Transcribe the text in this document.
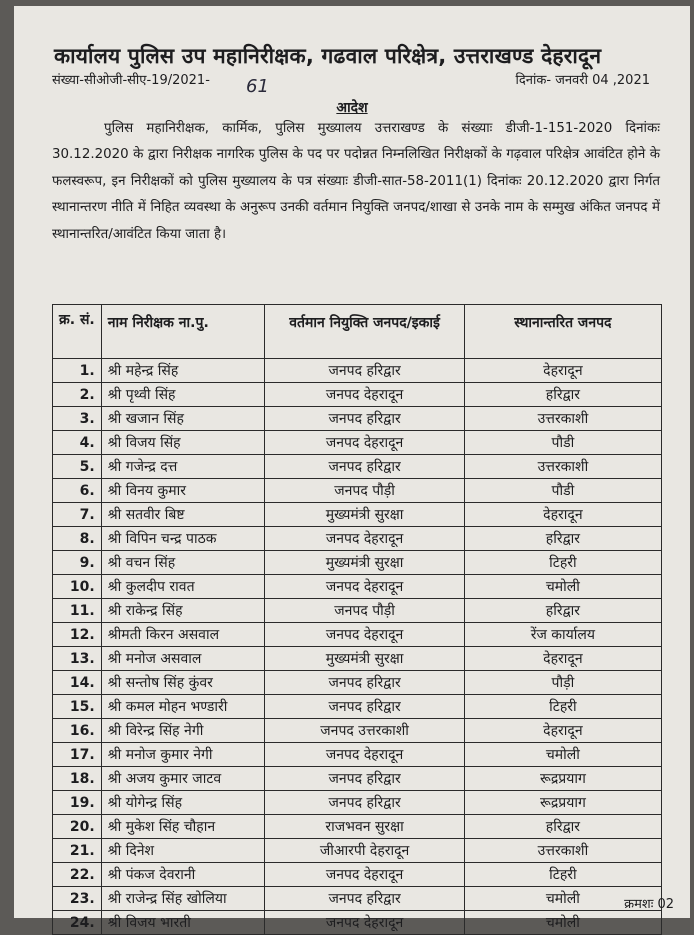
कार्यालय पुलिस उप महानिरीक्षक, गढवाल परिक्षेत्र, उत्तराखण्ड देहरादून
संख्या-सीओजी-सीए-19/2021- 61	दिनांक- जनवरी 04 ,2021
आदेश

पुलिस महानिरीक्षक, कार्मिक, पुलिस मुख्यालय उत्तराखण्ड के संख्याः डीजी-1-151-2020 दिनांकः 30.12.2020 के द्वारा निरीक्षक नागरिक पुलिस के पद पर पदोन्नत निम्नलिखित निरीक्षकों के गढ़वाल परिक्षेत्र आवंटित होने के फलस्वरूप, इन निरीक्षकों को पुलिस मुख्यालय के पत्र संख्याः डीजी-सात-58-2011(1) दिनांकः 20.12.2020 द्वारा निर्गत स्थानान्तरण नीति में निहित व्यवस्था के अनुरूप उनकी वर्तमान नियुक्ति जनपद/शाखा से उनके नाम के सम्मुख अंकित जनपद में स्थानान्तरित/आवंटित किया जाता है।

क्र. सं.	नाम निरीक्षक ना.पु.	वर्तमान नियुक्ति जनपद/इकाई	स्थानान्तरित जनपद
1.	श्री महेन्द्र सिंह	जनपद हरिद्वार	देहरादून
2.	श्री पृथ्वी सिंह	जनपद देहरादून	हरिद्वार
3.	श्री खजान सिंह	जनपद हरिद्वार	उत्तरकाशी
4.	श्री विजय सिंह	जनपद देहरादून	पौडी
5.	श्री गजेन्द्र दत्त	जनपद हरिद्वार	उत्तरकाशी
6.	श्री विनय कुमार	जनपद पौड़ी	पौडी
7.	श्री सतवीर बिष्ट	मुख्यमंत्री सुरक्षा	देहरादून
8.	श्री विपिन चन्द्र पाठक	जनपद देहरादून	हरिद्वार
9.	श्री वचन सिंह	मुख्यमंत्री सुरक्षा	टिहरी
10.	श्री कुलदीप रावत	जनपद देहरादून	चमोली
11.	श्री राकेन्द्र सिंह	जनपद पौड़ी	हरिद्वार
12.	श्रीमती किरन असवाल	जनपद देहरादून	रेंज कार्यालय
13.	श्री मनोज असवाल	मुख्यमंत्री सुरक्षा	देहरादून
14.	श्री सन्तोष सिंह कुंवर	जनपद हरिद्वार	पौड़ी
15.	श्री कमल मोहन भण्डारी	जनपद हरिद्वार	टिहरी
16.	श्री विरेन्द्र सिंह नेगी	जनपद उत्तरकाशी	देहरादून
17.	श्री मनोज कुमार नेगी	जनपद देहरादून	चमोली
18.	श्री अजय कुमार जाटव	जनपद हरिद्वार	रूद्रप्रयाग
19.	श्री योगेन्द्र सिंह	जनपद हरिद्वार	रूद्रप्रयाग
20.	श्री मुकेश सिंह चौहान	राजभवन सुरक्षा	हरिद्वार
21.	श्री दिनेश	जीआरपी देहरादून	उत्तरकाशी
22.	श्री पंकज देवरानी	जनपद देहरादून	टिहरी
23.	श्री राजेन्द्र सिंह खोलिया	जनपद हरिद्वार	चमोली
24.	श्री विजय भारती	जनपद देहरादून	चमोली
क्रमशः 02
